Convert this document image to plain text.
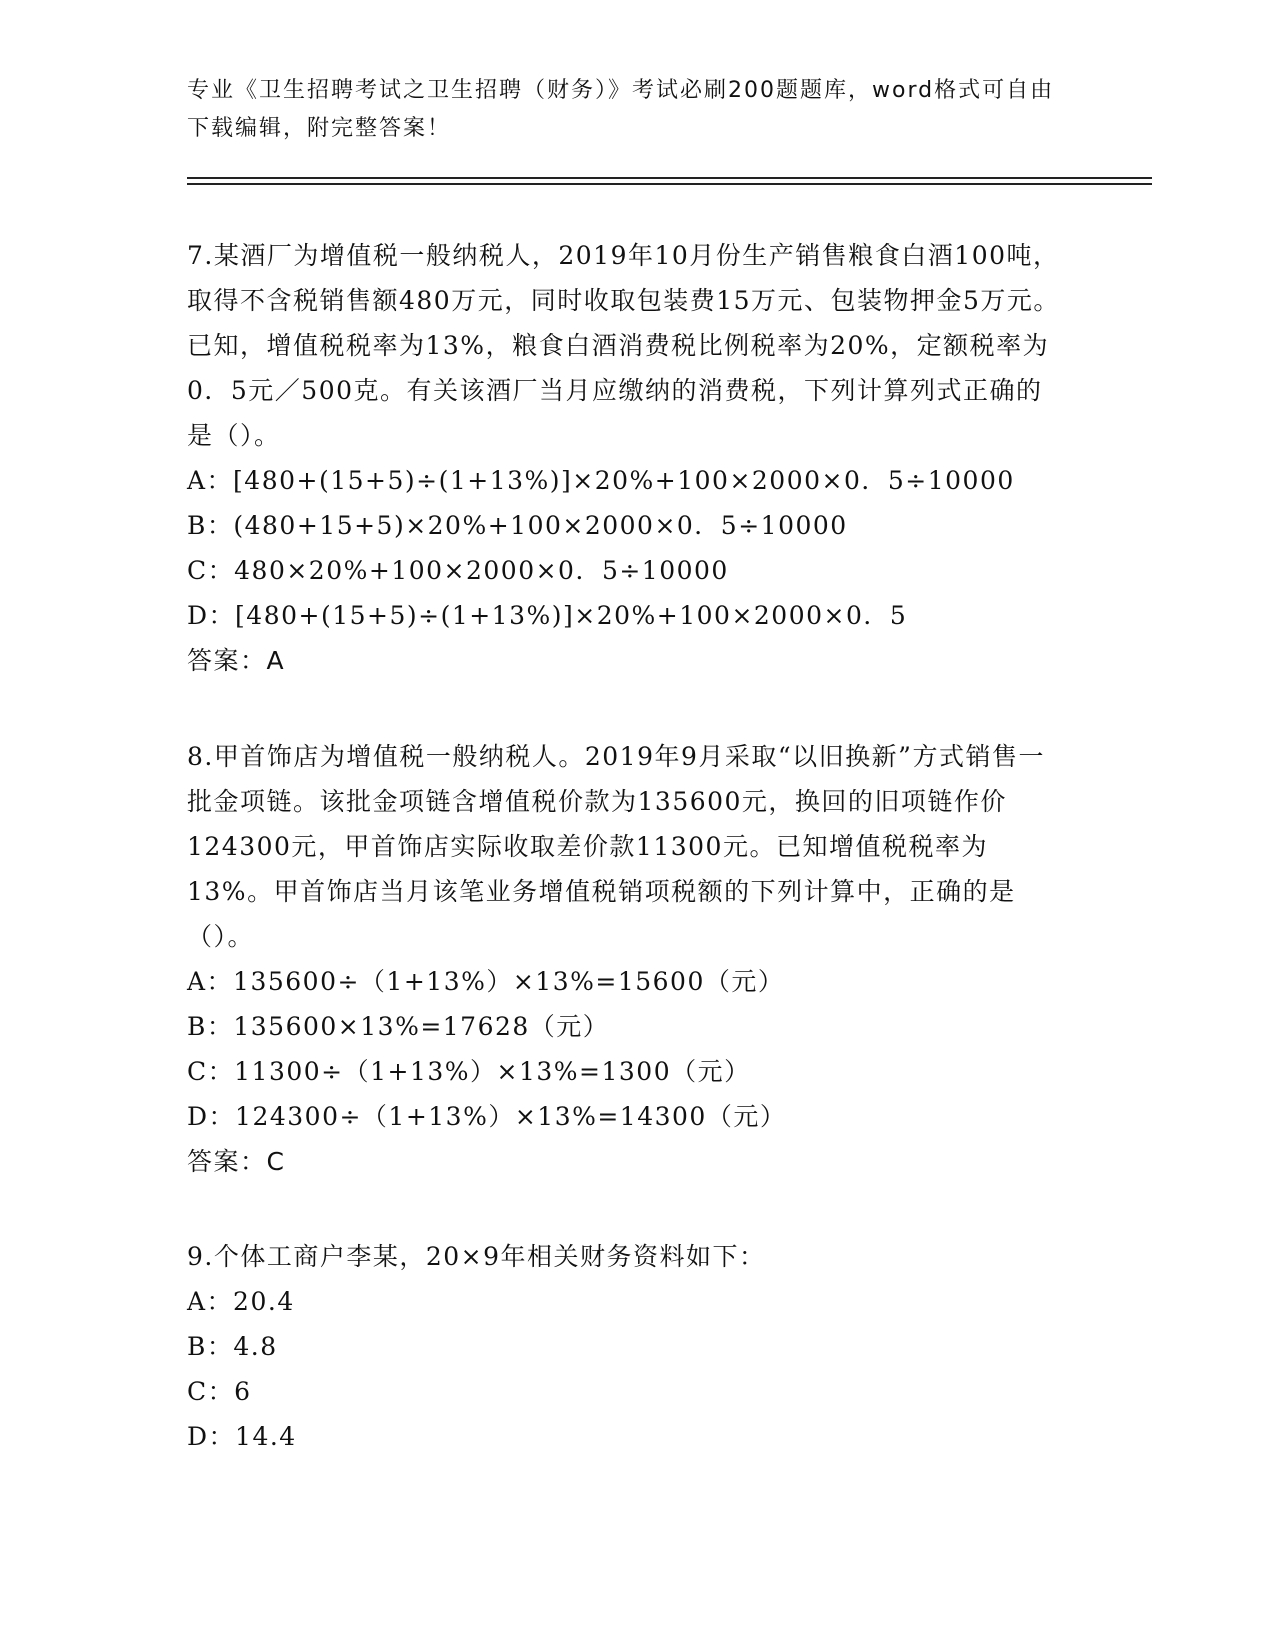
专业《卫生招聘考试之卫生招聘（财务）》考试必刷200题题库，word格式可自由下载编辑，附完整答案！
7.某酒厂为增值税一般纳税人，2019年10月份生产销售粮食白酒100吨，取得不含税销售额480万元，同时收取包装费15万元、包装物押金5万元。已知，增值税税率为13%，粮食白酒消费税比例税率为20%，定额税率为0．5元／500克。有关该酒厂当月应缴纳的消费税，下列计算列式正确的是（）。
A：[480+(15+5)÷(1+13%)]×20%+100×2000×0．5÷10000
B：(480+15+5)×20%+100×2000×0．5÷10000
C：480×20%+100×2000×0．5÷10000
D：[480+(15+5)÷(1+13%)]×20%+100×2000×0．5
答案：A
8.甲首饰店为增值税一般纳税人。2019年9月采取“以旧换新”方式销售一批金项链。该批金项链含增值税价款为135600元，换回的旧项链作价124300元，甲首饰店实际收取差价款11300元。已知增值税税率为13%。甲首饰店当月该笔业务增值税销项税额的下列计算中，正确的是（）。
A：135600÷（1+13%）×13%=15600（元）
B：135600×13%=17628（元）
C：11300÷（1+13%）×13%=1300（元）
D：124300÷（1+13%）×13%=14300（元）
答案：C
9.个体工商户李某，20×9年相关财务资料如下：
A：20.4
B：4.8
C：6
D：14.4
